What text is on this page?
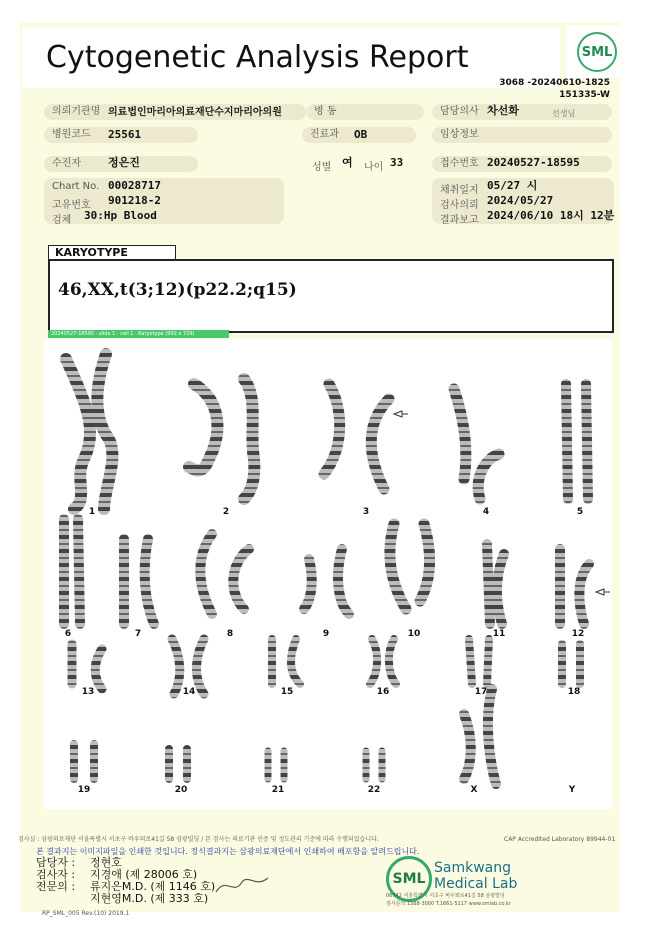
Cytogenetic Analysis Report	SML
3068 -20240610-1825
151335-W
의뢰기관명 의료법인마리아의료재단수지마리아의원	병 동	담당의사 차선화	선생님
병원코드	25561	진료과	OB	임상정보
수진자	정은진	성별 여 나이 33	접수번호 20240527-18595
Chart No. 00028717
고유번호 901218-2
검체 30:Hp Blood
채취일지 05/27 시
검사의뢰 2024/05/27
결과보고 2024/06/10 18시 12분
KARYOTYPE
46,XX,t(3;12)(p22.2;q15)
20240527-18595 · slide 1 · cell 1 · Karyotype (992 x 729)
1	2	3	4	5
6	7	8	9	10	11	12
13	14	15	16	17	18
19	20	21	22	X	Y
검사실 : 삼광의료재단 서울특별시 서초구 바우뫼로41길 58 삼광빌딩 / 본 검사는 의료기관 인증 및 정도관리 기준에 따라 수행되었습니다.	CAP Accredited Laboratory 89944-01
본 결과지는 이미지파일을 인쇄한 것입니다. 정식결과지는 삼광의료재단에서 인쇄하여 배포함을 알려드립니다.
담당자 : 정현호
검사자 : 지경애 (제 28006 호)
전문의 : 류지은M.D. (제 1146 호)
지현영M.D. (제 333 호)
SML
Samkwang
Medical Lab
06742 서울특별시 서초구 바우뫼로41길 58 삼광빌딩
검사문의 1588-3000 T.1661-5117 www.smlab.co.kr
RP_SML_005 Rev.(10) 2019.1
